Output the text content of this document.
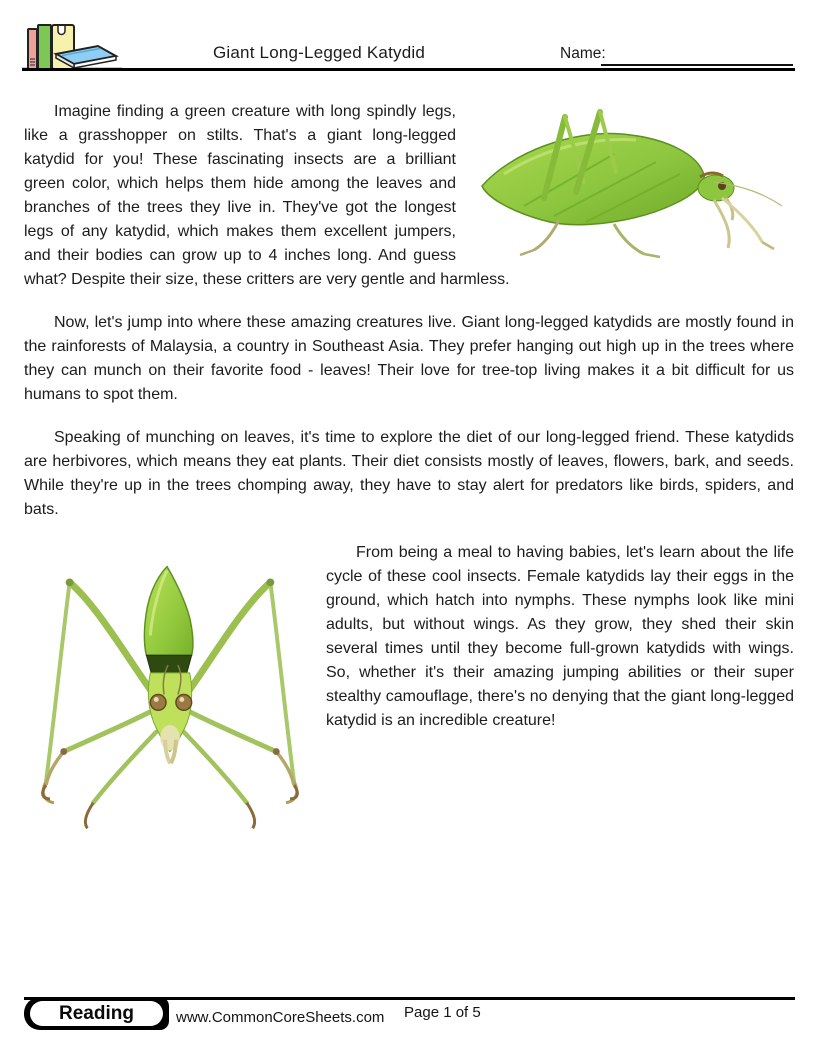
Giant Long-Legged Katydid	Name:

Imagine finding a green creature with long spindly legs, like a grasshopper on stilts. That's a giant long-legged katydid for you! These fascinating insects are a brilliant green color, which helps them hide among the leaves and branches of the trees they live in. They've got the longest legs of any katydid, which makes them excellent jumpers, and their bodies can grow up to 4 inches long. And guess what? Despite their size, these critters are very gentle and harmless.

Now, let's jump into where these amazing creatures live. Giant long-legged katydids are mostly found in the rainforests of Malaysia, a country in Southeast Asia. They prefer hanging out high up in the trees where they can munch on their favorite food - leaves! Their love for tree-top living makes it a bit difficult for us humans to spot them.

Speaking of munching on leaves, it's time to explore the diet of our long-legged friend. These katydids are herbivores, which means they eat plants. Their diet consists mostly of leaves, flowers, bark, and seeds. While they're up in the trees chomping away, they have to stay alert for predators like birds, spiders, and bats.

From being a meal to having babies, let's learn about the life cycle of these cool insects. Female katydids lay their eggs in the ground, which hatch into nymphs. These nymphs look like mini adults, but without wings. As they grow, they shed their skin several times until they become full-grown katydids with wings. So, whether it's their amazing jumping abilities or their super stealthy camouflage, there's no denying that the giant long-legged katydid is an incredible creature!

Reading	www.CommonCoreSheets.com Page 1 of 5
